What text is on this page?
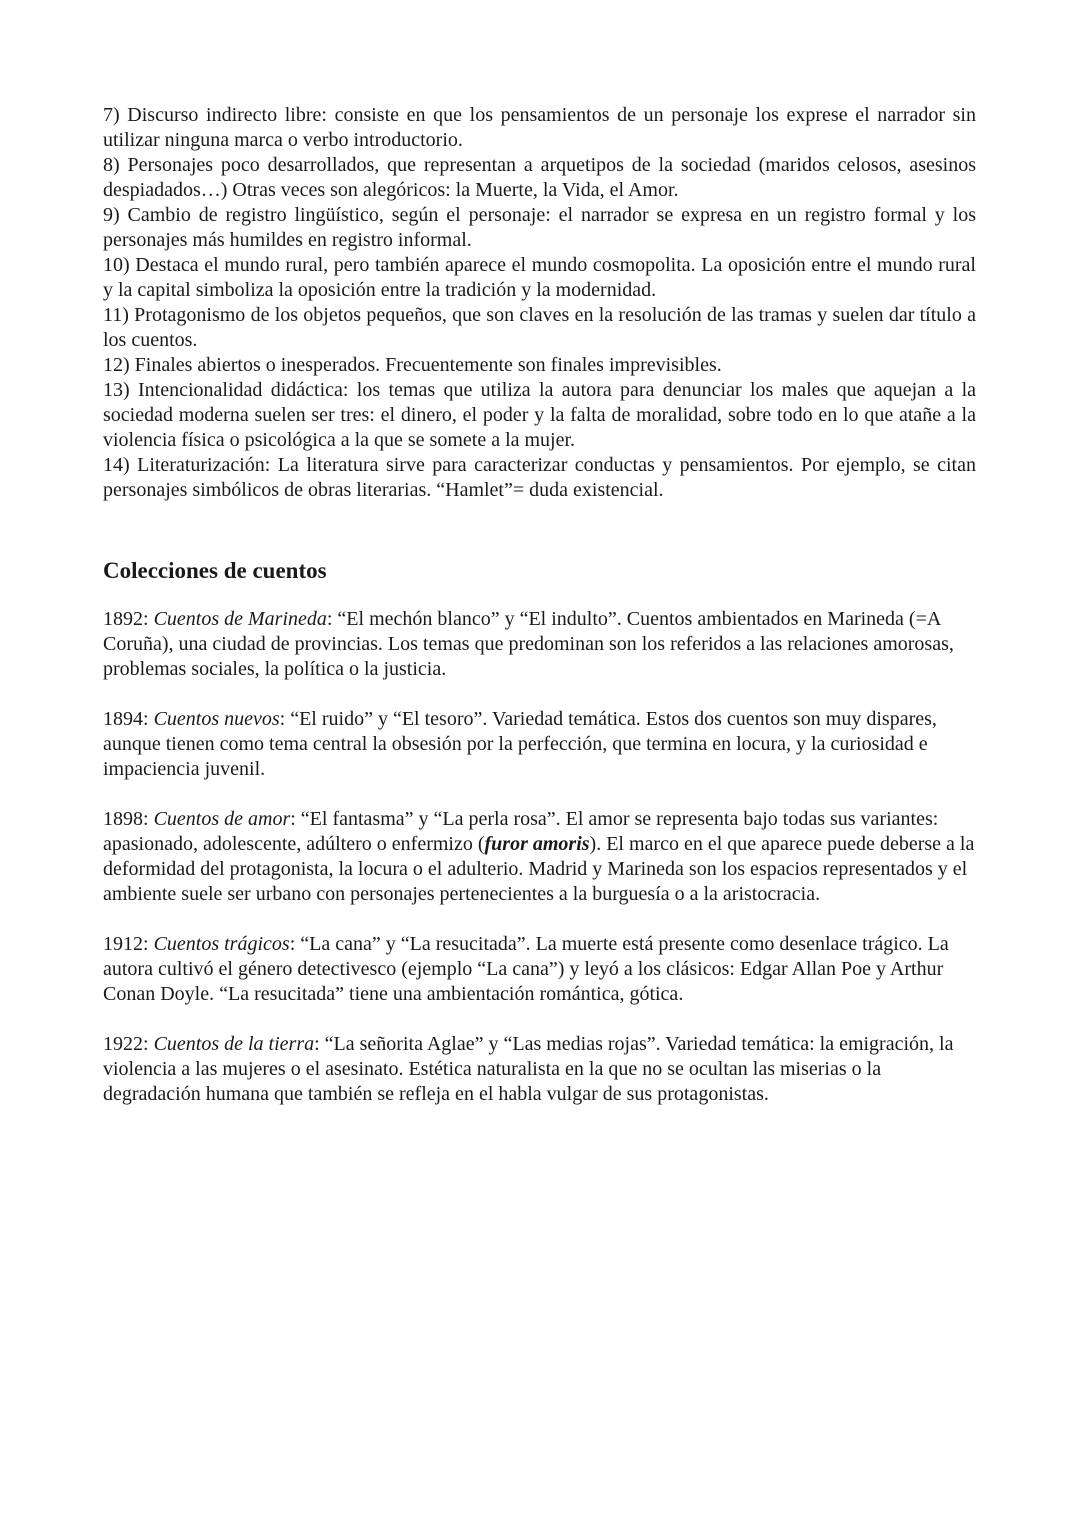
7) Discurso indirecto libre: consiste en que los pensamientos de un personaje los exprese el narrador sin utilizar ninguna marca o verbo introductorio.

8) Personajes poco desarrollados, que representan a arquetipos de la sociedad (maridos celosos, asesinos despiadados…) Otras veces son alegóricos: la Muerte, la Vida, el Amor.

9) Cambio de registro lingüístico, según el personaje: el narrador se expresa en un registro formal y los personajes más humildes en registro informal.

10) Destaca el mundo rural, pero también aparece el mundo cosmopolita. La oposición entre el mundo rural y la capital simboliza la oposición entre la tradición y la modernidad.

11) Protagonismo de los objetos pequeños, que son claves en la resolución de las tramas y suelen dar título a los cuentos.

12) Finales abiertos o inesperados. Frecuentemente son finales imprevisibles.

13) Intencionalidad didáctica: los temas que utiliza la autora para denunciar los males que aquejan a la sociedad moderna suelen ser tres: el dinero, el poder y la falta de moralidad, sobre todo en lo que atañe a la violencia física o psicológica a la que se somete a la mujer.

14) Literaturización: La literatura sirve para caracterizar conductas y pensamientos. Por ejemplo, se citan personajes simbólicos de obras literarias. “Hamlet”= duda existencial.

Colecciones de cuentos

1892: Cuentos de Marineda: “El mechón blanco” y “El indulto”. Cuentos ambientados en Marineda (=A Coruña), una ciudad de provincias. Los temas que predominan son los referidos a las relaciones amorosas, problemas sociales, la política o la justicia.

1894: Cuentos nuevos: “El ruido” y “El tesoro”. Variedad temática. Estos dos cuentos son muy dispares, aunque tienen como tema central la obsesión por la perfección, que termina en locura, y la curiosidad e impaciencia juvenil.

1898: Cuentos de amor: “El fantasma” y “La perla rosa”. El amor se representa bajo todas sus variantes: apasionado, adolescente, adúltero o enfermizo (furor amoris). El marco en el que aparece puede deberse a la deformidad del protagonista, la locura o el adulterio. Madrid y Marineda son los espacios representados y el ambiente suele ser urbano con personajes pertenecientes a la burguesía o a la aristocracia.

1912: Cuentos trágicos: “La cana” y “La resucitada”. La muerte está presente como desenlace trágico. La autora cultivó el género detectivesco (ejemplo “La cana”) y leyó a los clásicos: Edgar Allan Poe y Arthur Conan Doyle. “La resucitada” tiene una ambientación romántica, gótica.

1922: Cuentos de la tierra: “La señorita Aglae” y “Las medias rojas”. Variedad temática: la emigración, la violencia a las mujeres o el asesinato. Estética naturalista en la que no se ocultan las miserias o la degradación humana que también se refleja en el habla vulgar de sus protagonistas.
